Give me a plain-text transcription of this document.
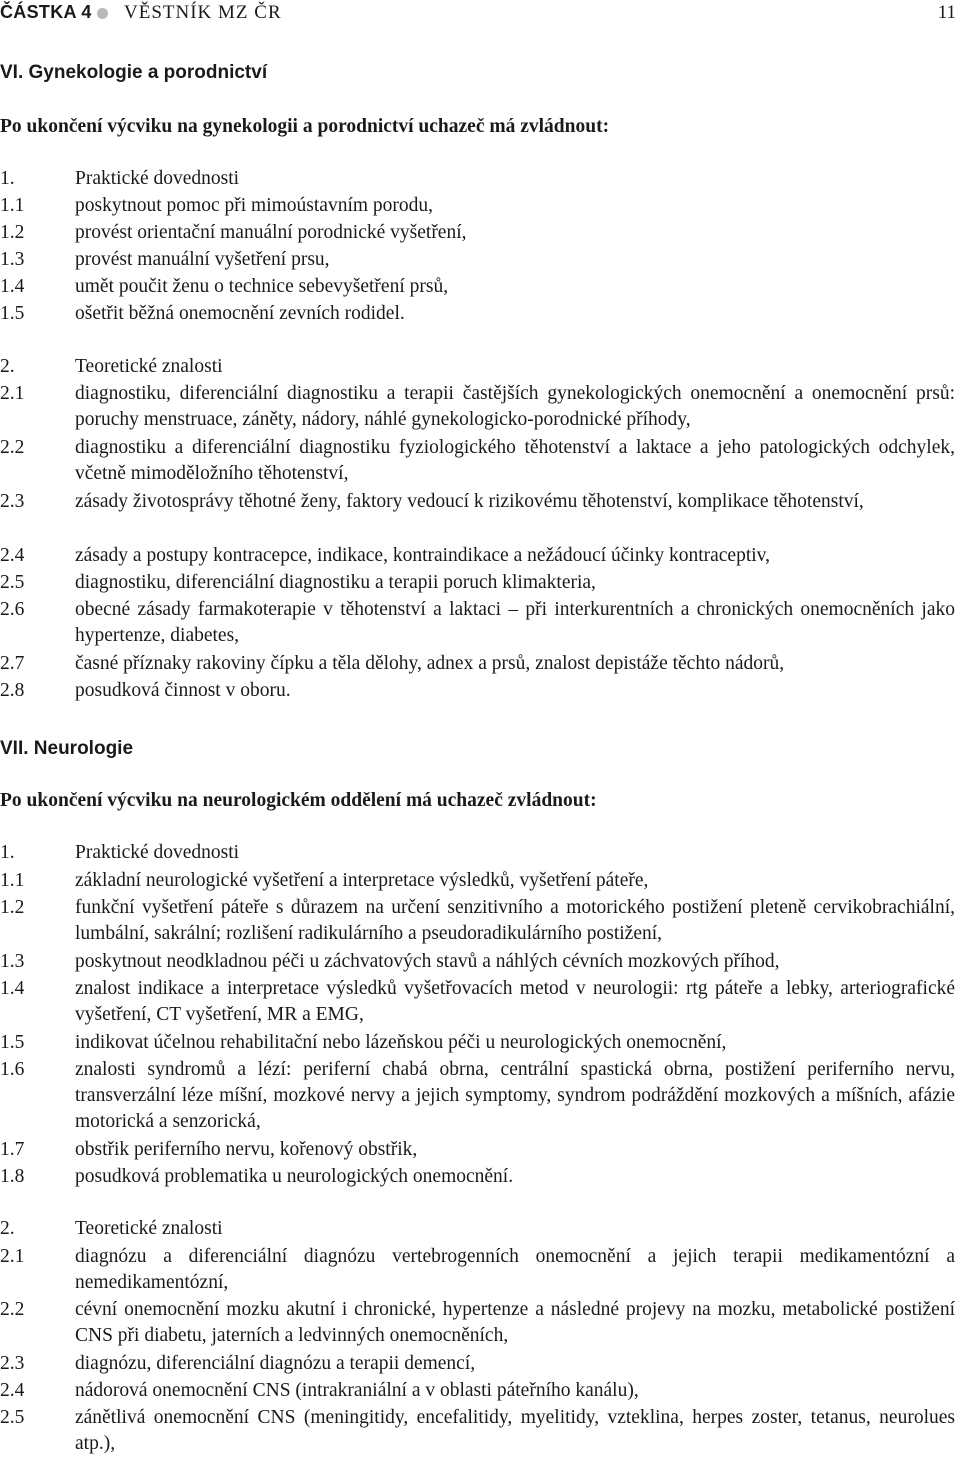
ČÁSTKA 4 VĚSTNÍK MZ ČR	11
VI. Gynekologie a porodnictví
Po ukončení výcviku na gynekologii a porodnictví uchazeč má zvládnout:
1.	Praktické dovednosti
1.1	poskytnout pomoc při mimoústavním porodu,
1.2	provést orientační manuální porodnické vyšetření,
1.3	provést manuální vyšetření prsu,
1.4	umět poučit ženu o technice sebevyšetření prsů,
1.5	ošetřit běžná onemocnění zevních rodidel.
2.	Teoretické znalosti
2.1	diagnostiku, diferenciální diagnostiku a terapii častějších gynekologických onemocnění a onemocnění prsů: poruchy menstruace, záněty, nádory, náhlé gynekologicko-porodnické příhody,
2.2	diagnostiku a diferenciální diagnostiku fyziologického těhotenství a laktace a jeho patologických odchylek, včetně mimoděložního těhotenství,
2.3	zásady životosprávy těhotné ženy, faktory vedoucí k rizikovému těhotenství, komplikace těhotenství,
2.4	zásady a postupy kontracepce, indikace, kontraindikace a nežádoucí účinky kontraceptiv,
2.5	diagnostiku, diferenciální diagnostiku a terapii poruch klimakteria,
2.6	obecné zásady farmakoterapie v těhotenství a laktaci – při interkurentních a chronických onemocněních jako hypertenze, diabetes,
2.7	časné příznaky rakoviny čípku a těla dělohy, adnex a prsů, znalost depistáže těchto nádorů,
2.8	posudková činnost v oboru.
VII. Neurologie
Po ukončení výcviku na neurologickém oddělení má uchazeč zvládnout:
1.	Praktické dovednosti
1.1	základní neurologické vyšetření a interpretace výsledků, vyšetření páteře,
1.2	funkční vyšetření páteře s důrazem na určení senzitivního a motorického postižení pleteně cervikobrachiální, lumbální, sakrální; rozlišení radikulárního a pseudoradikulárního postižení,
1.3	poskytnout neodkladnou péči u záchvatových stavů a náhlých cévních mozkových příhod,
1.4	znalost indikace a interpretace výsledků vyšetřovacích metod v neurologii: rtg páteře a lebky, arteriografické vyšetření, CT vyšetření, MR a EMG,
1.5	indikovat účelnou rehabilitační nebo lázeňskou péči u neurologických onemocnění,
1.6	znalosti syndromů a lézí: periferní chabá obrna, centrální spastická obrna, postižení periferního nervu, transverzální léze míšní, mozkové nervy a jejich symptomy, syndrom podráždění mozkových a míšních, afázie motorická a senzorická,
1.7	obstřik periferního nervu, kořenový obstřik,
1.8	posudková problematika u neurologických onemocnění.
2.	Teoretické znalosti
2.1	diagnózu a diferenciální diagnózu vertebrogenních onemocnění a jejich terapii medikamentózní a nemedikamentózní,
2.2	cévní onemocnění mozku akutní i chronické, hypertenze a následné projevy na mozku, metabolické postižení CNS při diabetu, jaterních a ledvinných onemocněních,
2.3	diagnózu, diferenciální diagnózu a terapii demencí,
2.4	nádorová onemocnění CNS (intrakraniální a v oblasti páteřního kanálu),
2.5	zánětlivá onemocnění CNS (meningitidy, encefalitidy, myelitidy, vzteklina, herpes zoster, tetanus, neurolues atp.),
